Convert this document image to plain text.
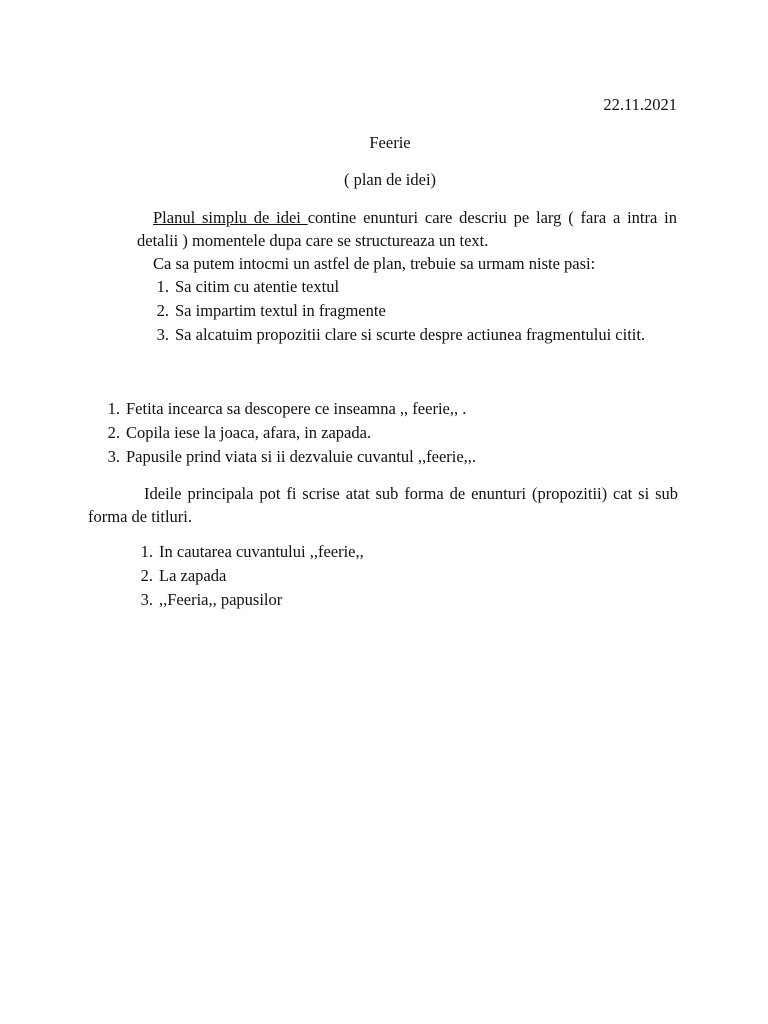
22.11.2021
Feerie
( plan de idei)

Planul simplu de idei contine enunturi care descriu pe larg ( fara a intra in detalii ) momentele dupa care se structureaza un text.

Ca sa putem intocmi un astfel de plan, trebuie sa urmam niste pasi:

1. Sa citim cu atentie textul
2. Sa impartim textul in fragmente
3. Sa alcatuim propozitii clare si scurte despre actiunea fragmentului citit.
1. Fetita incearca sa descopere ce inseamna ,, feerie,, .
2. Copila iese la joaca, afara, in zapada.
3. Papusile prind viata si ii dezvaluie cuvantul ,,feerie,,.

Ideile principala pot fi scrise atat sub forma de enunturi (propozitii) cat si sub forma de titluri.

1. In cautarea cuvantului ,,feerie,,
2. La zapada
3. ,,Feeria,, papusilor
